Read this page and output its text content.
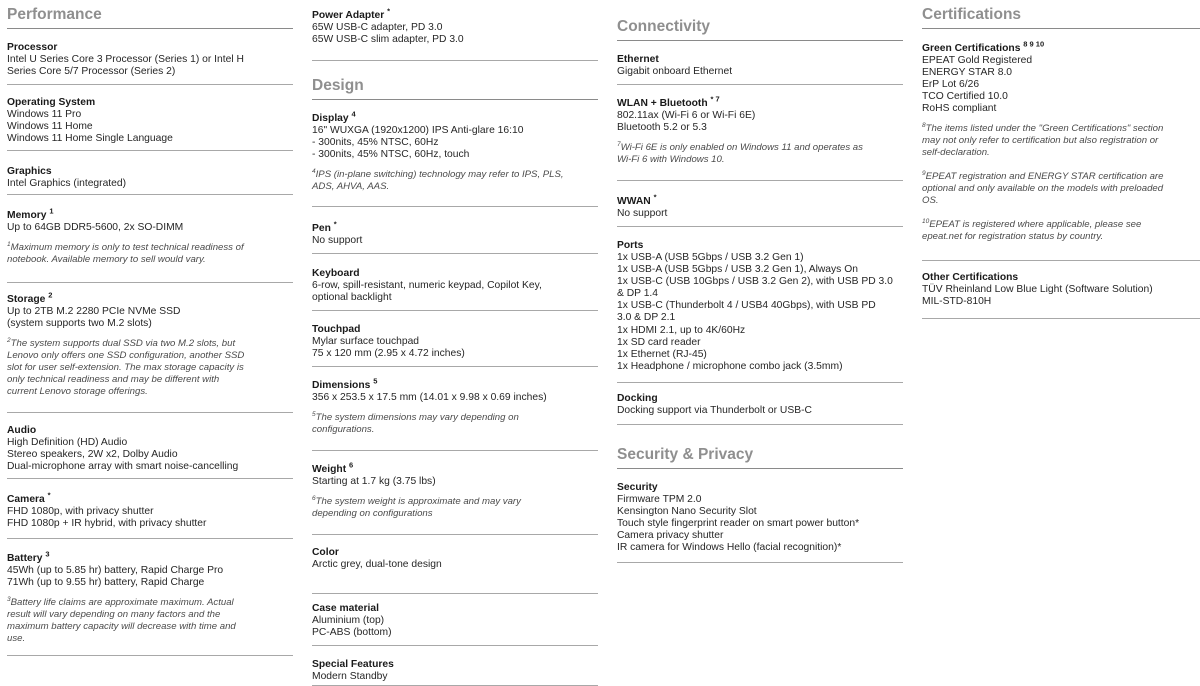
Performance
Processor
Intel U Series Core 3 Processor (Series 1) or Intel H
Series Core 5/7 Processor (Series 2)
Operating System
Windows 11 Pro
Windows 11 Home
Windows 11 Home Single Language
Graphics
Intel Graphics (integrated)
Memory $^1$
Up to 64GB DDR5-5600, 2x SO-DIMM
$^1$Maximum memory is only to test technical readiness of
notebook. Available memory to sell would vary.
Storage $^2$
Up to 2TB M.2 2280 PCIe NVMe SSD
(system supports two M.2 slots)
$^2$The system supports dual SSD via two M.2 slots, but
Lenovo only offers one SSD configuration, another SSD
slot for user self-extension. The max storage capacity is
only technical readiness and may be different with
current Lenovo storage offerings.
Audio
High Definition (HD) Audio
Stereo speakers, 2W x2, Dolby Audio
Dual-microphone array with smart noise-cancelling
Camera *
FHD 1080p, with privacy shutter
FHD 1080p + IR hybrid, with privacy shutter
Battery $^3$
45Wh (up to 5.85 hr) battery, Rapid Charge Pro
71Wh (up to 9.55 hr) battery, Rapid Charge
$^3$Battery life claims are approximate maximum. Actual
result will vary depending on many factors and the
maximum battery capacity will decrease with time and
use.
Power Adapter *
65W USB-C adapter, PD 3.0
65W USB-C slim adapter, PD 3.0
Design
Display $^4$
16" WUXGA (1920x1200) IPS Anti-glare 16:10
- 300nits, 45% NTSC, 60Hz
- 300nits, 45% NTSC, 60Hz, touch
$^4$IPS (in-plane switching) technology may refer to IPS, PLS,
ADS, AHVA, AAS.
Pen *
No support
Keyboard
6-row, spill-resistant, numeric keypad, Copilot Key,
optional backlight
Touchpad
Mylar surface touchpad
75 x 120 mm (2.95 x 4.72 inches)
Dimensions $^5$
356 x 253.5 x 17.5 mm (14.01 x 9.98 x 0.69 inches)
$^5$The system dimensions may vary depending on
configurations.
Weight $^6$
Starting at 1.7 kg (3.75 lbs)
$^6$The system weight is approximate and may vary
depending on configurations
Color
Arctic grey, dual-tone design
Case material
Aluminium (top)
PC-ABS (bottom)
Special Features
Modern Standby
Connectivity
Ethernet
Gigabit onboard Ethernet
WLAN + Bluetooth $^{* 7}$
802.11ax (Wi-Fi 6 or Wi-Fi 6E)
Bluetooth 5.2 or 5.3
$^7$Wi-Fi 6E is only enabled on Windows 11 and operates as
Wi-Fi 6 with Windows 10.
WWAN *
No support
Ports
1x USB-A (USB 5Gbps / USB 3.2 Gen 1)
1x USB-A (USB 5Gbps / USB 3.2 Gen 1), Always On
1x USB-C (USB 10Gbps / USB 3.2 Gen 2), with USB PD 3.0
& DP 1.4
1x USB-C (Thunderbolt 4 / USB4 40Gbps), with USB PD
3.0 & DP 2.1
1x HDMI 2.1, up to 4K/60Hz
1x SD card reader
1x Ethernet (RJ-45)
1x Headphone / microphone combo jack (3.5mm)
Docking
Docking support via Thunderbolt or USB-C
Security & Privacy
Security
Firmware TPM 2.0
Kensington Nano Security Slot
Touch style fingerprint reader on smart power button*
Camera privacy shutter
IR camera for Windows Hello (facial recognition)*
Certifications
Green Certifications $^{8 9 10}$
EPEAT Gold Registered
ENERGY STAR 8.0
ErP Lot 6/26
TCO Certified 10.0
RoHS compliant
$^8$The items listed under the "Green Certifications" section
may not only refer to certification but also registration or
self-declaration.
$^9$EPEAT registration and ENERGY STAR certification are
optional and only available on the models with preloaded
OS.
$^{10}$EPEAT is registered where applicable, please see
epeat.net for registration status by country.
Other Certifications
TÜV Rheinland Low Blue Light (Software Solution)
MIL-STD-810H
